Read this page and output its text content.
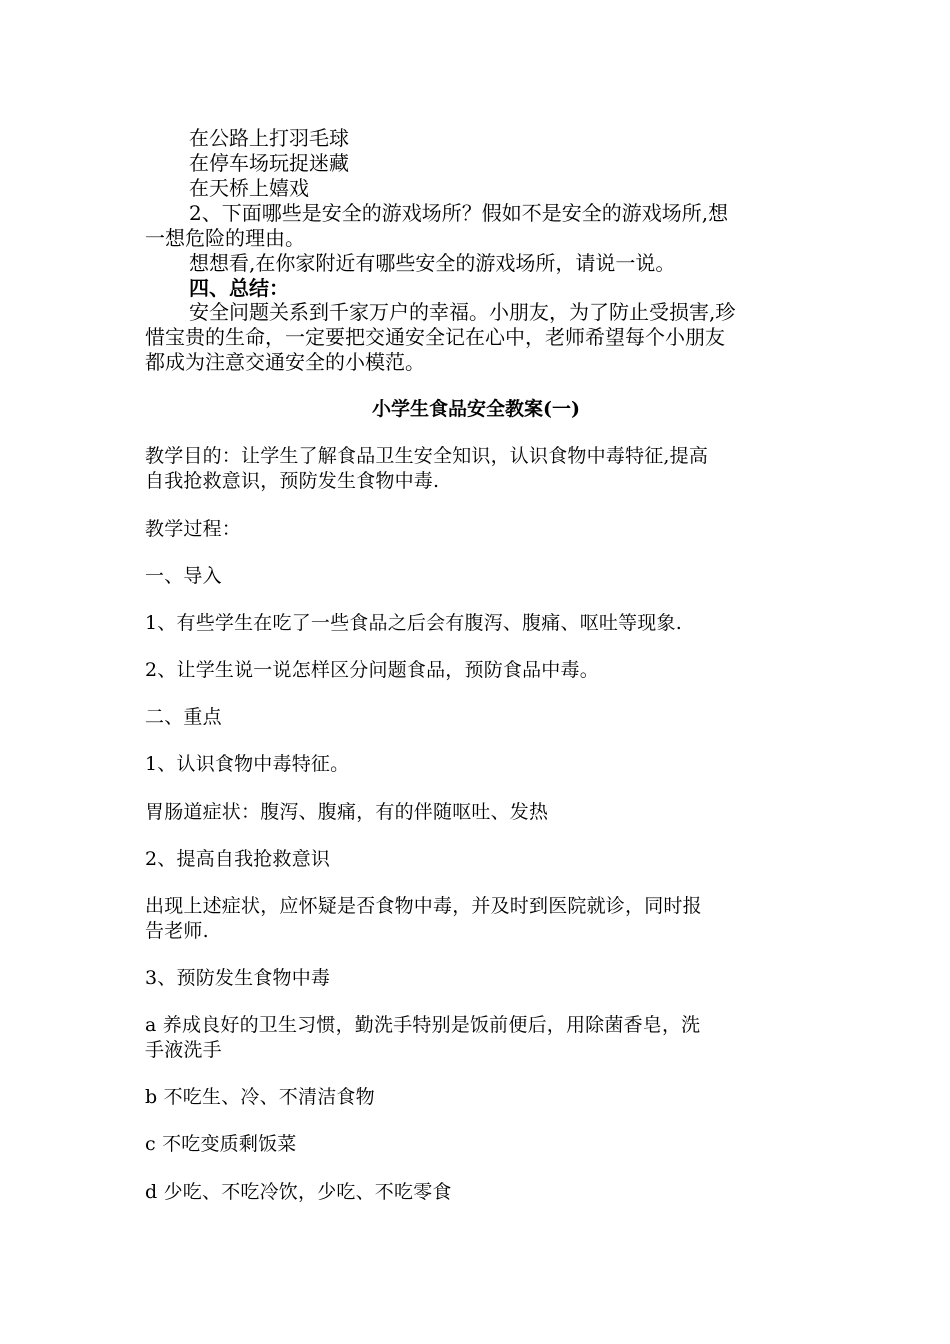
在公路上打羽毛球
在停车场玩捉迷藏
在天桥上嬉戏
2、下面哪些是安全的游戏场所？假如不是安全的游戏场所,想
一想危险的理由。
想想看,在你家附近有哪些安全的游戏场所，请说一说。
四、总结：
安全问题关系到千家万户的幸福。小朋友，为了防止受损害,珍
惜宝贵的生命，一定要把交通安全记在心中，老师希望每个小朋友
都成为注意交通安全的小模范。
小学生食品安全教案(一)
教学目的：让学生了解食品卫生安全知识，认识食物中毒特征,提高
自我抢救意识，预防发生食物中毒.
教学过程：
一、导入
1、有些学生在吃了一些食品之后会有腹泻、腹痛、呕吐等现象.
2、让学生说一说怎样区分问题食品，预防食品中毒。
二、重点
1、认识食物中毒特征。
胃肠道症状：腹泻、腹痛，有的伴随呕吐、发热
2、提高自我抢救意识
出现上述症状，应怀疑是否食物中毒，并及时到医院就诊，同时报
告老师.
3、预防发生食物中毒
a 养成良好的卫生习惯，勤洗手特别是饭前便后，用除菌香皂，洗
手液洗手
b 不吃生、冷、不清洁食物
c 不吃变质剩饭菜
d 少吃、不吃冷饮，少吃、不吃零食
